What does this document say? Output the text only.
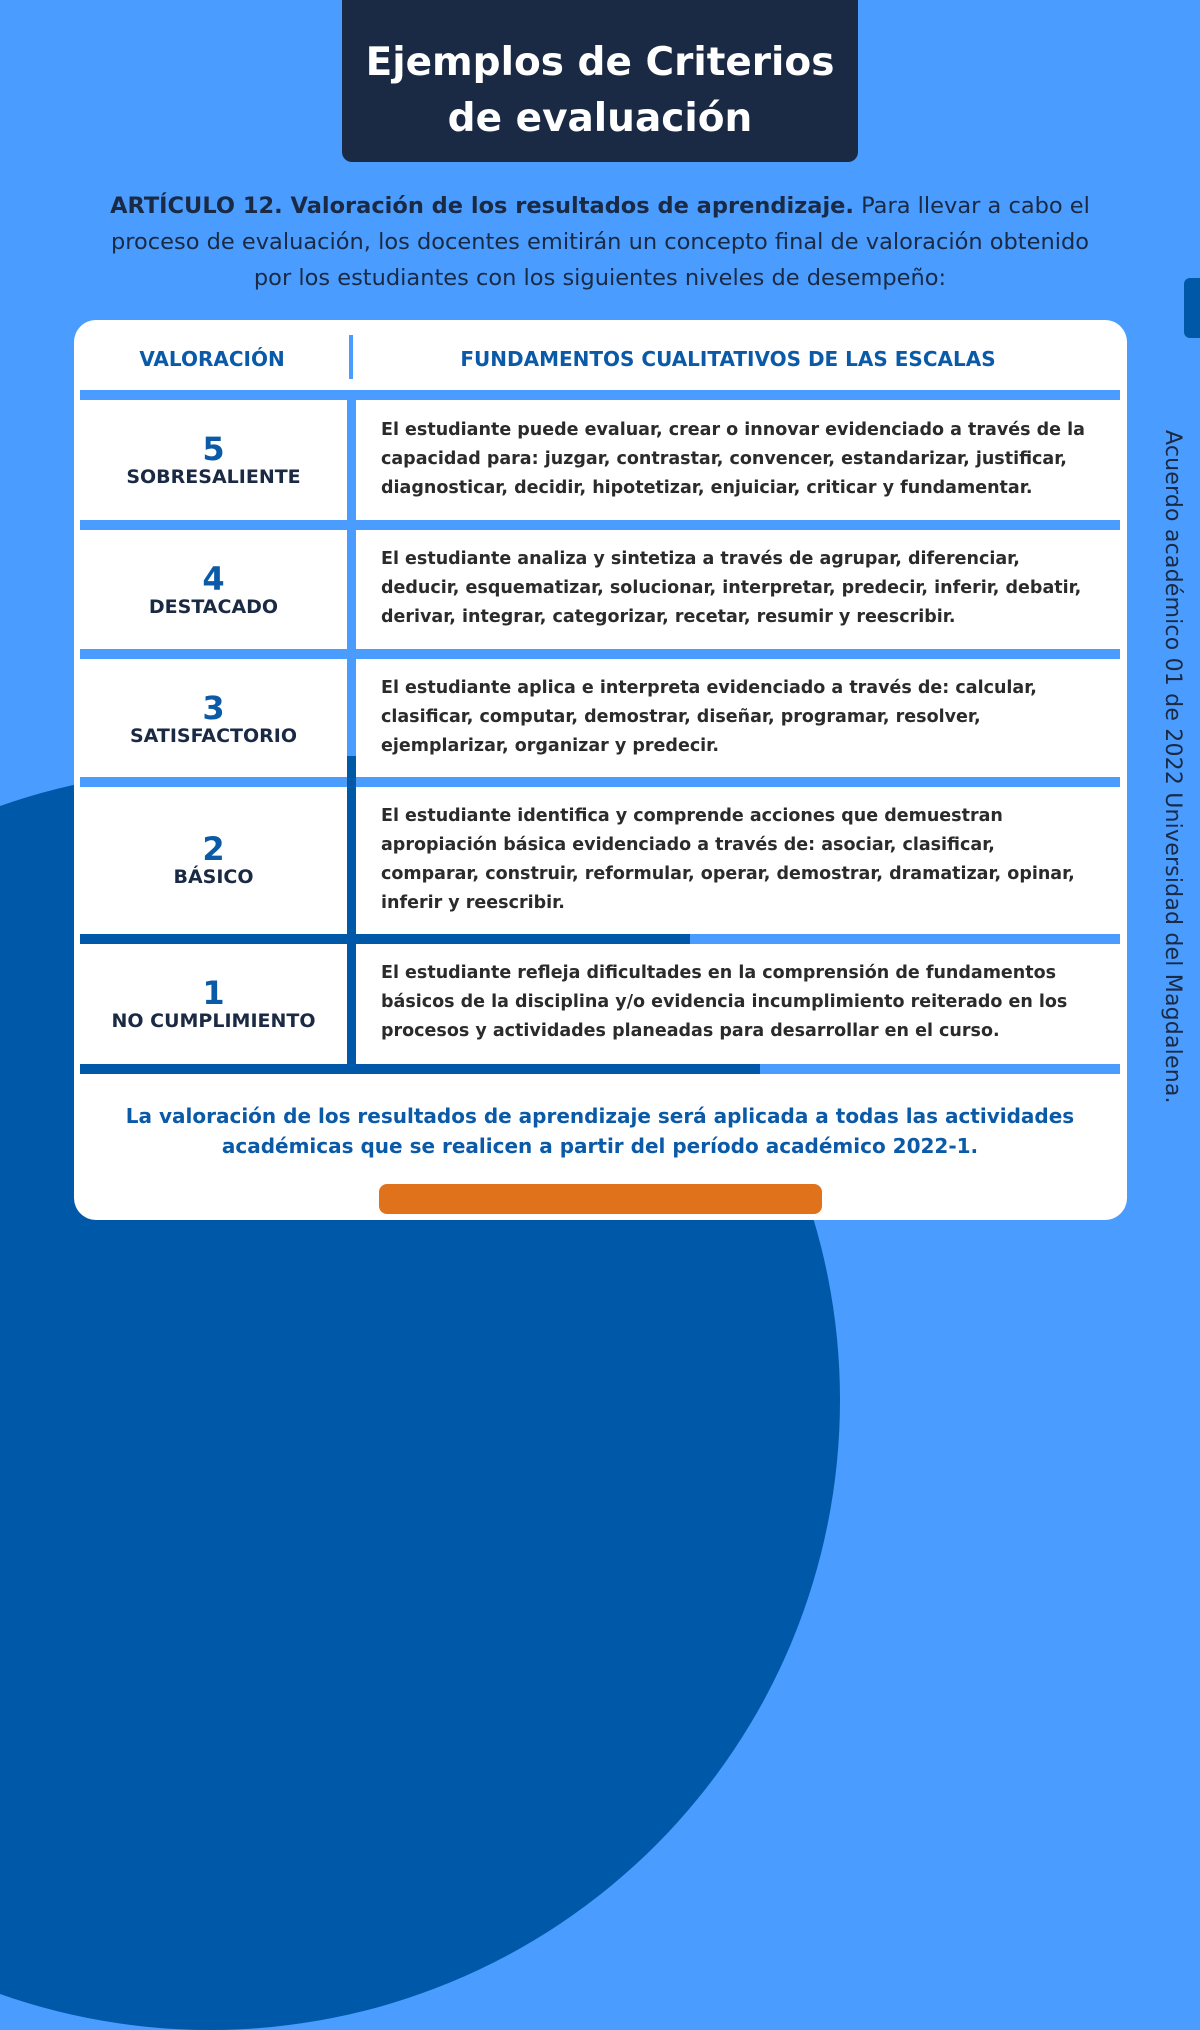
Ejemplos de Criterios
de evaluación
ARTÍCULO 12. Valoración de los resultados de aprendizaje. Para llevar a cabo el proceso de evaluación, los docentes emitirán un concepto final de valoración obtenido por los estudiantes con los siguientes niveles de desempeño:
Acuerdo académico 01 de 2022 Universidad del Magdalena.
VALORACIÓN	FUNDAMENTOS CUALITATIVOS DE LAS ESCALAS
5
SOBRESALIENTE
El estudiante puede evaluar, crear o innovar evidenciado a través de la capacidad para: juzgar, contrastar, convencer, estandarizar, justificar, diagnosticar, decidir, hipotetizar, enjuiciar, criticar y fundamentar.
4
DESTACADO
El estudiante analiza y sintetiza a través de agrupar, diferenciar, deducir, esquematizar, solucionar, interpretar, predecir, inferir, debatir, derivar, integrar, categorizar, recetar, resumir y reescribir.
3
SATISFACTORIO
El estudiante aplica e interpreta evidenciado a través de: calcular, clasificar, computar, demostrar, diseñar, programar, resolver, ejemplarizar, organizar y predecir.
2
BÁSICO
El estudiante identifica y comprende acciones que demuestran apropiación básica evidenciado a través de: asociar, clasificar, comparar, construir, reformular, operar, demostrar, dramatizar, opinar, inferir y reescribir.
1
NO CUMPLIMIENTO
El estudiante refleja dificultades en la comprensión de fundamentos básicos de la disciplina y/o evidencia incumplimiento reiterado en los procesos y actividades planeadas para desarrollar en el curso.
La valoración de los resultados de aprendizaje será aplicada a todas las actividades académicas que se realicen a partir del período académico 2022-1.
